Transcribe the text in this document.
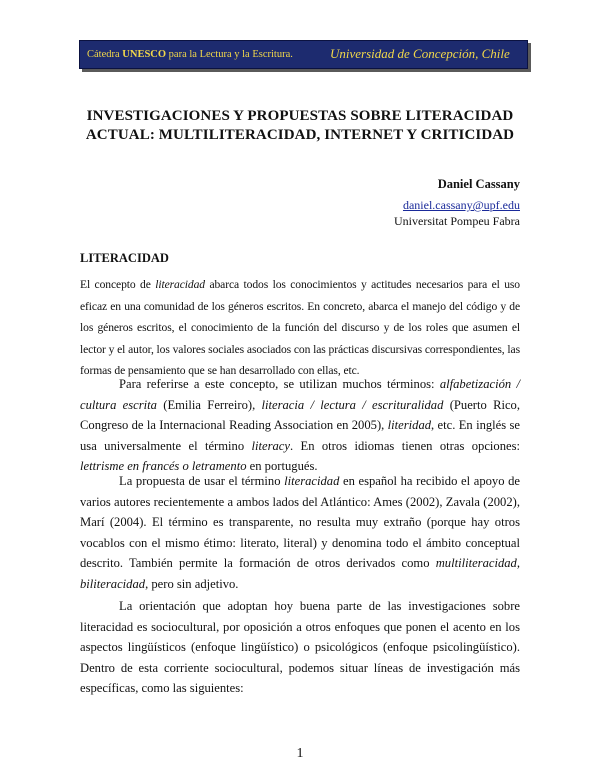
Cátedra UNESCO para la Lectura y la Escritura.	Universidad de Concepción, Chile
INVESTIGACIONES Y PROPUESTAS SOBRE LITERACIDAD ACTUAL: MULTILITERACIDAD, INTERNET Y CRITICIDAD
Daniel Cassany
daniel.cassany@upf.edu
Universitat Pompeu Fabra
LITERACIDAD
El concepto de literacidad abarca todos los conocimientos y actitudes necesarios para el uso eficaz en una comunidad de los géneros escritos. En concreto, abarca el manejo del código y de los géneros escritos, el conocimiento de la función del discurso y de los roles que asumen el lector y el autor, los valores sociales asociados con las prácticas discursivas correspondientes, las formas de pensamiento que se han desarrollado con ellas, etc.
Para referirse a este concepto, se utilizan muchos términos: alfabetización / cultura escrita (Emilia Ferreiro), literacia / lectura / escrituralidad (Puerto Rico, Congreso de la Internacional Reading Association en 2005), literidad, etc. En inglés se usa universalmente el término literacy. En otros idiomas tienen otras opciones: lettrisme en francés o letramento en portugués.
La propuesta de usar el término literacidad en español ha recibido el apoyo de varios autores recientemente a ambos lados del Atlántico: Ames (2002), Zavala (2002), Marí (2004). El término es transparente, no resulta muy extraño (porque hay otros vocablos con el mismo étimo: literato, literal) y denomina todo el ámbito conceptual descrito. También permite la formación de otros derivados como multiliteracidad, biliteracidad, pero sin adjetivo.
La orientación que adoptan hoy buena parte de las investigaciones sobre literacidad es sociocultural, por oposición a otros enfoques que ponen el acento en los aspectos lingüísticos (enfoque lingüístico) o psicológicos (enfoque psicolingüístico). Dentro de esta corriente sociocultural, podemos situar líneas de investigación más específicas, como las siguientes:
1
